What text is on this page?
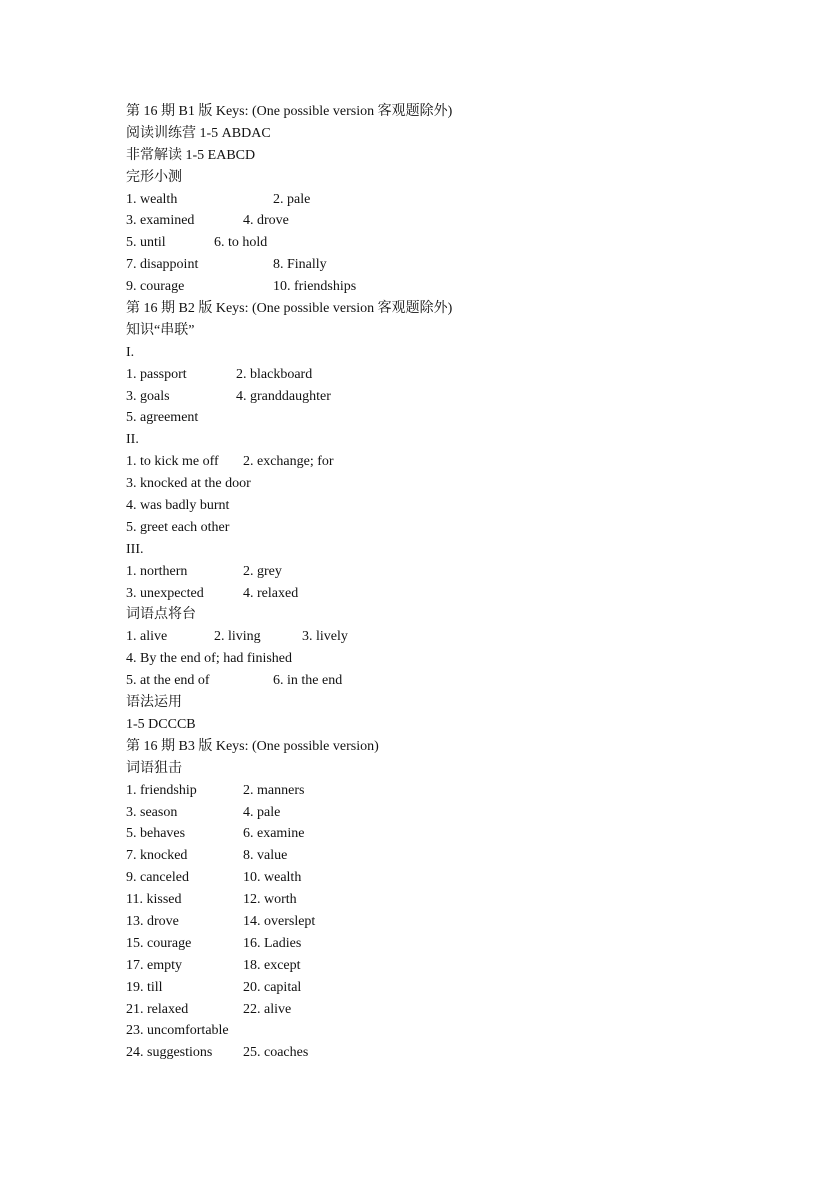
第 16 期 B1 版 Keys: (One possible version 客观题除外)
阅读训练营 1-5 ABDAC
非常解读 1-5 EABCD
完形小测
1. wealth	2. pale
3. examined	4. drove
5. until	6. to hold
7. disappoint	8. Finally
9. courage	10. friendships
第 16 期 B2 版 Keys: (One possible version 客观题除外)
知识“串联”
I.
1. passport	2. blackboard
3. goals	4. granddaughter
5. agreement
II.
1. to kick me off 2. exchange; for
3. knocked at the door
4. was badly burnt
5. greet each other
III.
1. northern	2. grey
3. unexpected	4. relaxed
词语点将台
1. alive	2. living	3. lively
4. By the end of; had finished
5. at the end of	6. in the end
语法运用
1-5 DCCCB
第 16 期 B3 版 Keys: (One possible version)
词语狙击
1. friendship	2. manners
3. season	4. pale
5. behaves	6. examine
7. knocked	8. value
9. canceled	10. wealth
11. kissed	12. worth
13. drove	14. overslept
15. courage	16. Ladies
17. empty	18. except
19. till	20. capital
21. relaxed	22. alive
23. uncomfortable
24. suggestions 25. coaches
